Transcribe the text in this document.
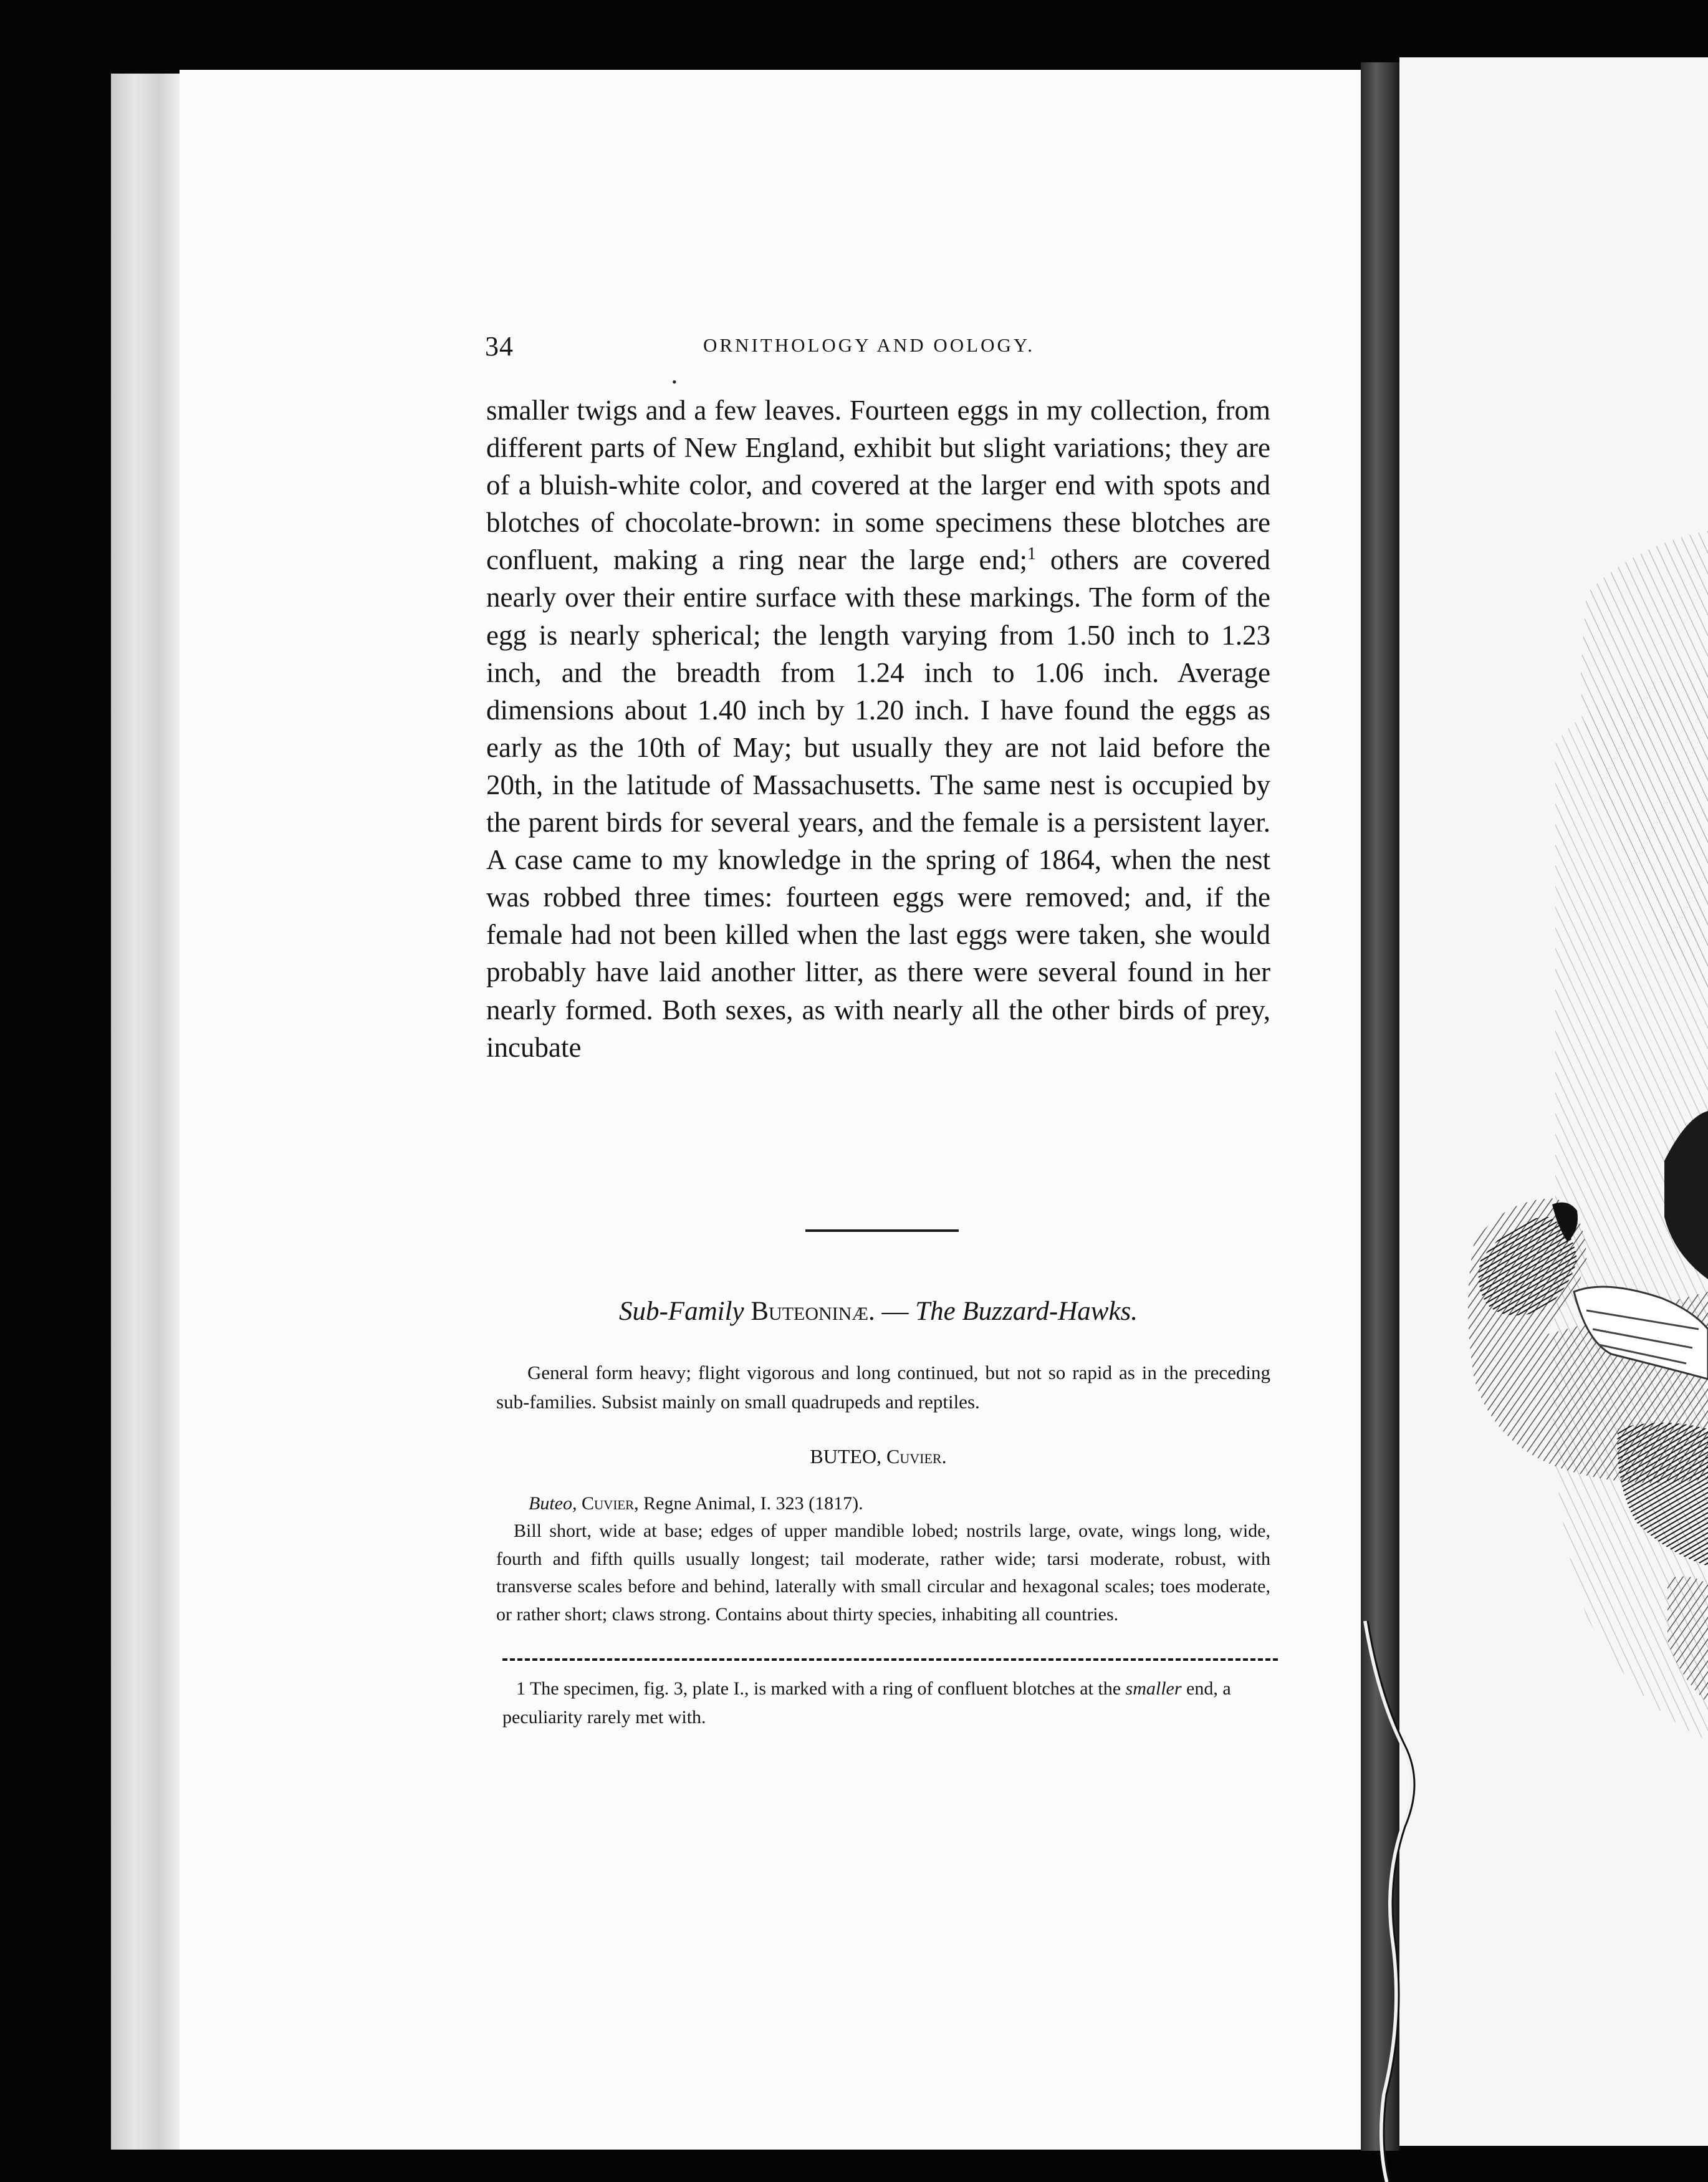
34	ORNITHOLOGY AND OOLOGY.
•

smaller twigs and a few leaves. Fourteen eggs in my collection, from different parts of New England, exhibit but slight variations; they are of a bluish-white color, and covered at the larger end with spots and blotches of chocolate-brown: in some specimens these blotches are confluent, making a ring near the large end;$^1$ others are covered nearly over their entire surface with these markings. The form of the egg is nearly spherical; the length varying from 1.50 inch to 1.23 inch, and the breadth from 1.24 inch to 1.06 inch. Average dimensions about 1.40 inch by 1.20 inch. I have found the eggs as early as the 10th of May; but usually they are not laid before the 20th, in the latitude of Massachusetts. The same nest is occupied by the parent birds for several years, and the female is a persistent layer. A case came to my knowledge in the spring of 1864, when the nest was robbed three times: fourteen eggs were removed; and, if the female had not been killed when the last eggs were taken, she would probably have laid another litter, as there were several found in her nearly formed. Both sexes, as with nearly all the other birds of prey, incubate

Sub-Family Buteoninæ. — The Buzzard-Hawks.

General form heavy; flight vigorous and long continued, but not so rapid as in the preceding sub-families. Subsist mainly on small quadrupeds and reptiles.

BUTEO, Cuvier.
Buteo, Cuvier, Regne Animal, I. 323 (1817).

Bill short, wide at base; edges of upper mandible lobed; nostrils large, ovate, wings long, wide, fourth and fifth quills usually longest; tail moderate, rather wide; tarsi moderate, robust, with transverse scales before and behind, laterally with small circular and hexagonal scales; toes moderate, or rather short; claws strong. Contains about thirty species, inhabiting all countries.

1 The specimen, fig. 3, plate I., is marked with a ring of confluent blotches at the smaller end, a peculiarity rarely met with.
